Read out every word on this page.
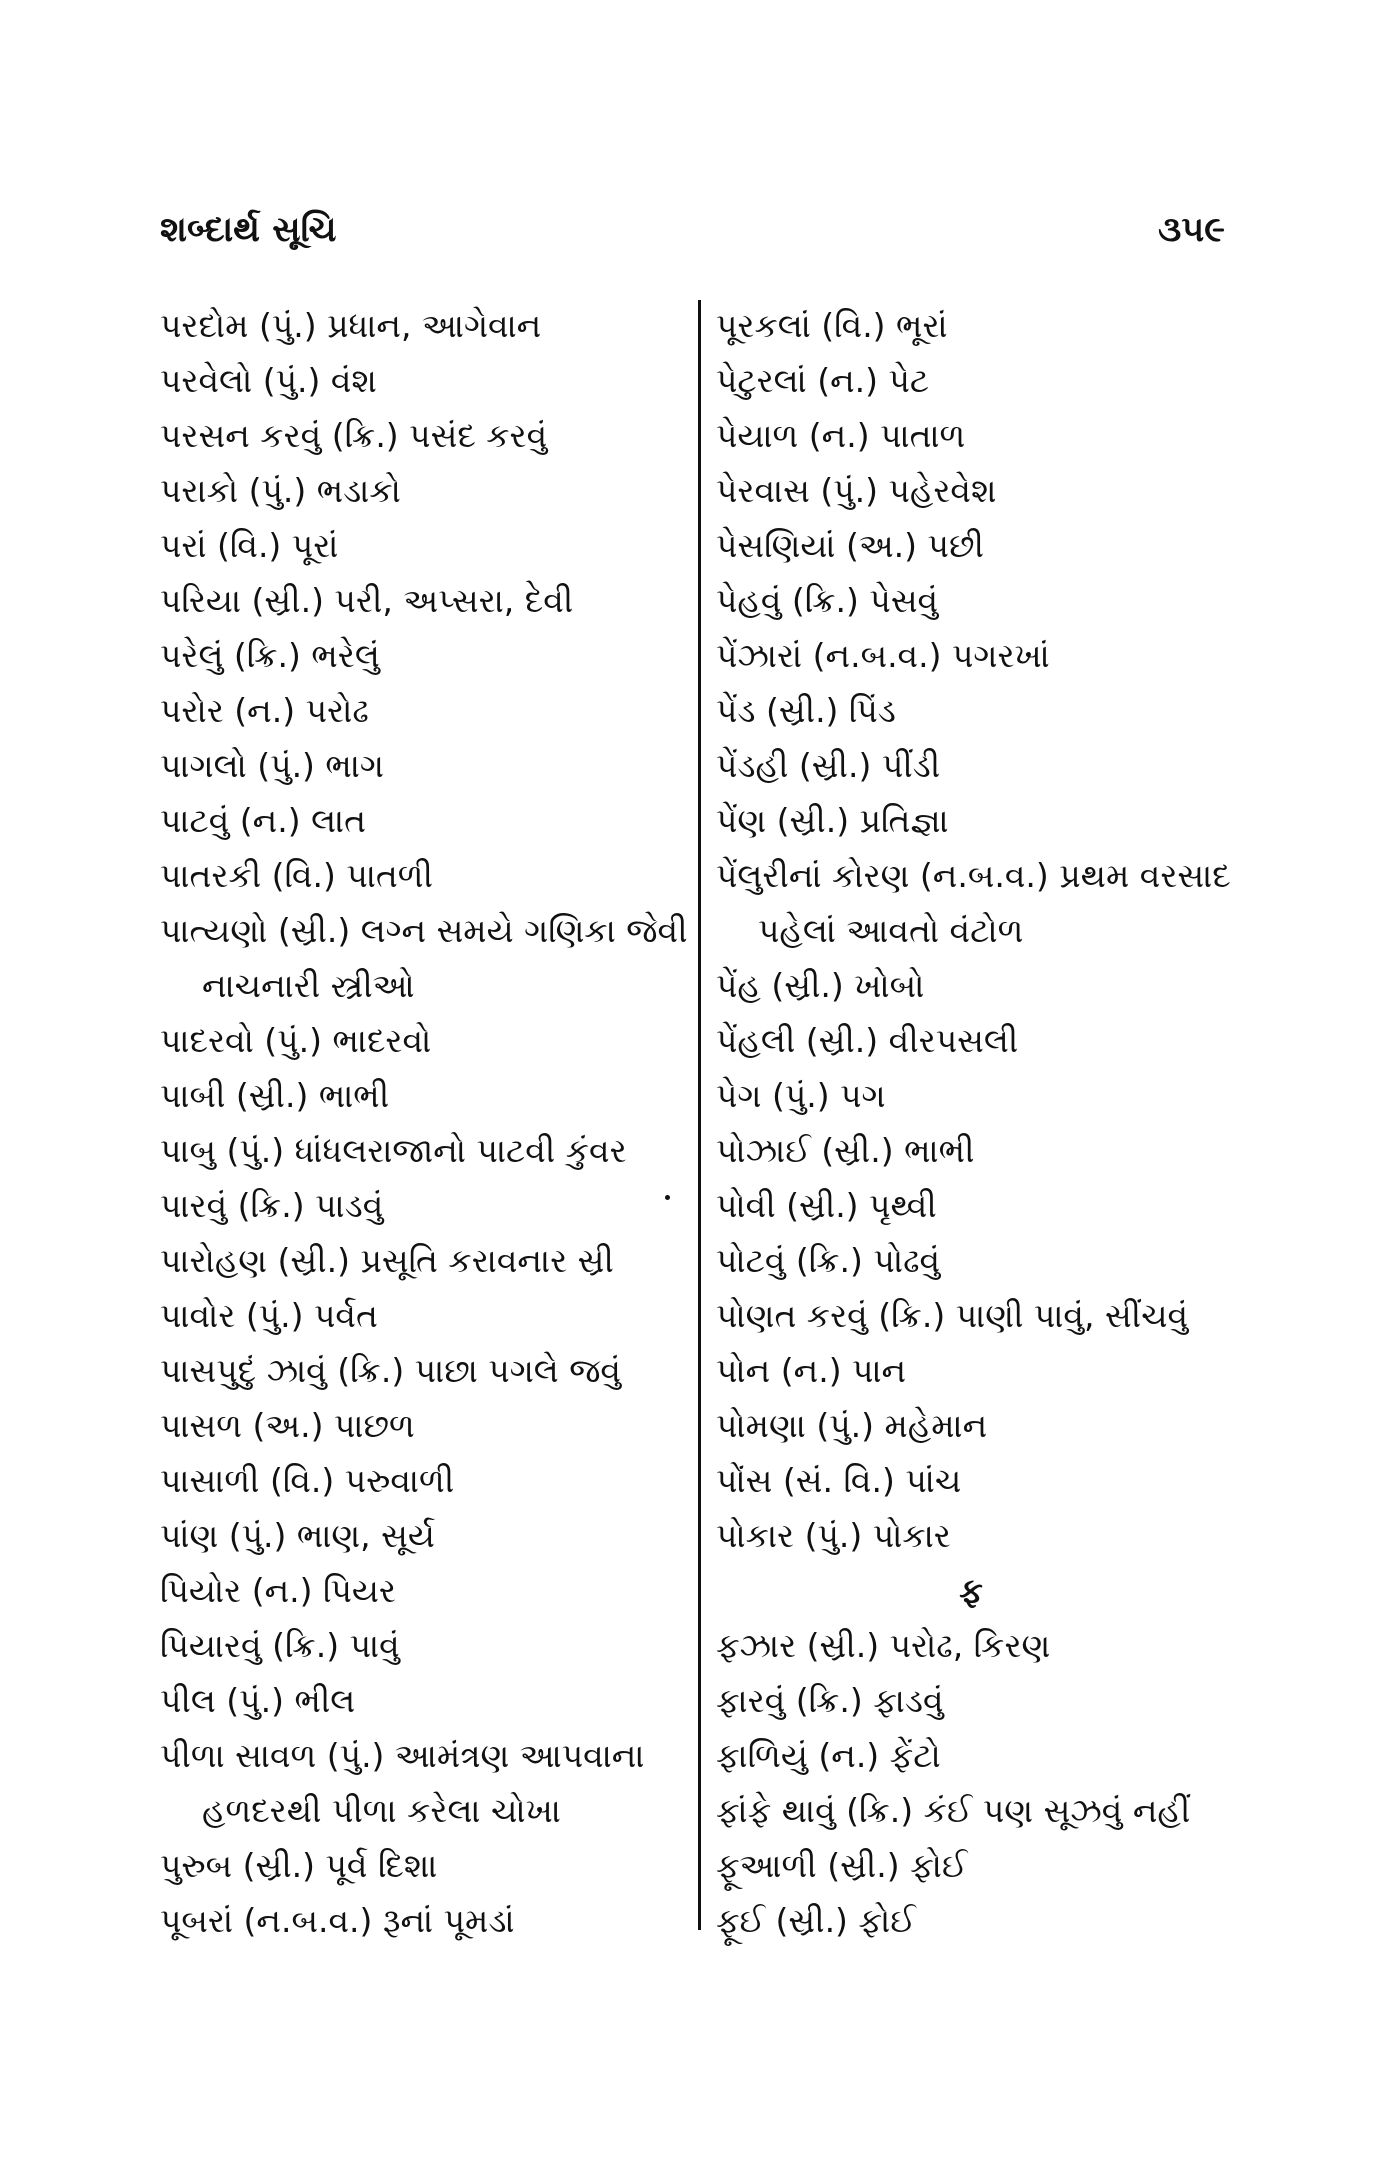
શબ્દાર્થ સૂચિ	૩૫૯
પરદોમ (પું.) પ્રધાન, આગેવાન
પરવેલો (પું.) વંશ
પરસન કરવું (ક્રિ.) પસંદ કરવું
પરાકો (પું.) ભડાકો
પરાં (વિ.) પૂરાં
પરિયા (સ્રી.) પરી, અપ્સરા, દેવી
પરેલું (ક્રિ.) ભરેલું
પરોર (ન.) પરોઢ
પાગલો (પું.) ભાગ
પાટવું (ન.) લાત
પાતરકી (વિ.) પાતળી
પાત્યણો (સ્રી.) લગ્ન સમયે ગણિકા જેવી
નાચનારી સ્ત્રીઓ
પાદરવો (પું.) ભાદરવો
પાબી (સ્રી.) ભાભી
પાબુ (પું.) ધાંધલરાજાનો પાટવી કુંવર
પારવું (ક્રિ.) પાડવું
પારોહણ (સ્રી.) પ્રસૂતિ કરાવનાર સ્રી
પાવોર (પું.) પર્વત
પાસપુદું ઝાવું (ક્રિ.) પાછા પગલે જવું
પાસળ (અ.) પાછળ
પાસાળી (વિ.) પરુવાળી
પાંણ (પું.) ભાણ, સૂર્ય
પિયોર (ન.) પિયર
પિયારવું (ક્રિ.) પાવું
પીલ (પું.) ભીલ
પીળા સાવળ (પું.) આમંત્રણ આપવાના
હળદરથી પીળા કરેલા ચોખા
પુરુબ (સ્રી.) પૂર્વ દિશા
પૂબરાં (ન.બ.વ.) રૂનાં પૂમડાં
પૂરકલાં (વિ.) ભૂરાં
પેટુરલાં (ન.) પેટ
પેયાળ (ન.) પાતાળ
પેરવાસ (પું.) પહેરવેશ
પેસણિયાં (અ.) પછી
પેહવું (ક્રિ.) પેસવું
પેંઝારાં (ન.બ.વ.) પગરખાં
પેંડ (સ્રી.) પિંડ
પેંડહી (સ્રી.) પીંડી
પેંણ (સ્રી.) પ્રતિજ્ઞા
પેંલુરીનાં કોરણ (ન.બ.વ.) પ્રથમ વરસાદ
પહેલાં આવતો વંટોળ
પેંહ (સ્રી.) ખોબો
પેંહલી (સ્રી.) વીરપસલી
પેગ (પું.) પગ
પોઝાઈ (સ્રી.) ભાભી
પોવી (સ્રી.) પૃથ્વી
પોટવું (ક્રિ.) પોઢવું
પોણત કરવું (ક્રિ.) પાણી પાવું, સીંચવું
પોન (ન.) પાન
પોમણા (પું.) મહેમાન
પોંસ (સં. વિ.) પાંચ
પોકાર (પું.) પોકાર
ફ
ફઝાર (સ્રી.) પરોઢ, કિરણ
ફારવું (ક્રિ.) ફાડવું
ફાળિયું (ન.) ફેંટો
ફાંફે થાવું (ક્રિ.) કંઈ પણ સૂઝવું નહીં
ફૂઆળી (સ્રી.) ફોઈ
ફૂઈ (સ્રી.) ફોઈ
